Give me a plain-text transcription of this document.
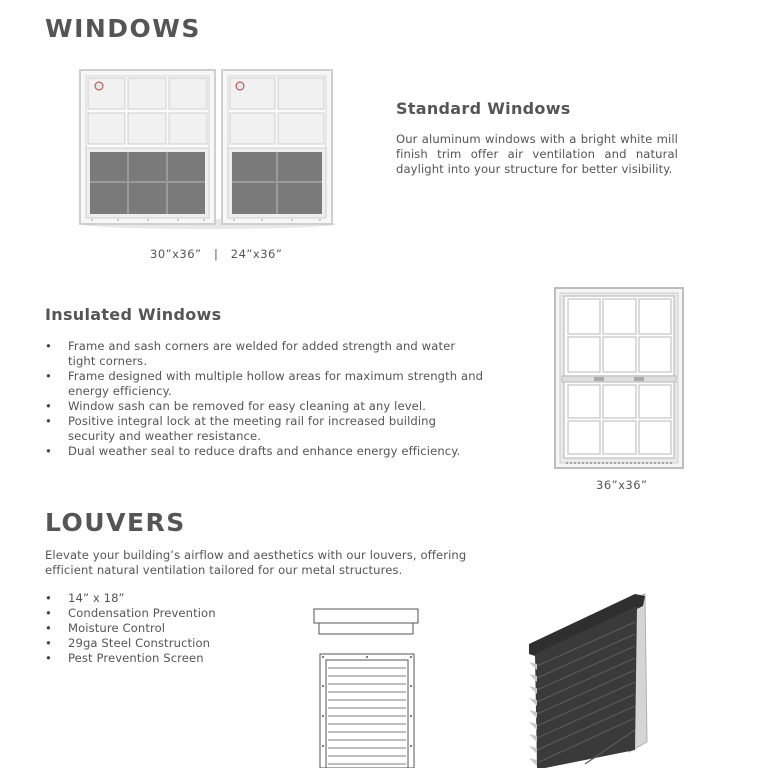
WINDOWS
30”x36”   |   24”x36”
Standard Windows
Our aluminum windows with a bright white mill finish trim offer air ventilation and natural daylight into your structure for better visibility.
Insulated Windows
• Frame and sash corners are welded for added strength and water tight corners.
• Frame designed with multiple hollow areas for maximum strength and energy efficiency.
• Window sash can be removed for easy cleaning at any level.
• Positive integral lock at the meeting rail for increased building security and weather resistance.
• Dual weather seal to reduce drafts and enhance energy efficiency.
36”x36”
LOUVERS
Elevate your building’s airflow and aesthetics with our louvers, offering efficient natural ventilation tailored for our metal structures.
• 14” x 18”
• Condensation Prevention
• Moisture Control
• 29ga Steel Construction
• Pest Prevention Screen
